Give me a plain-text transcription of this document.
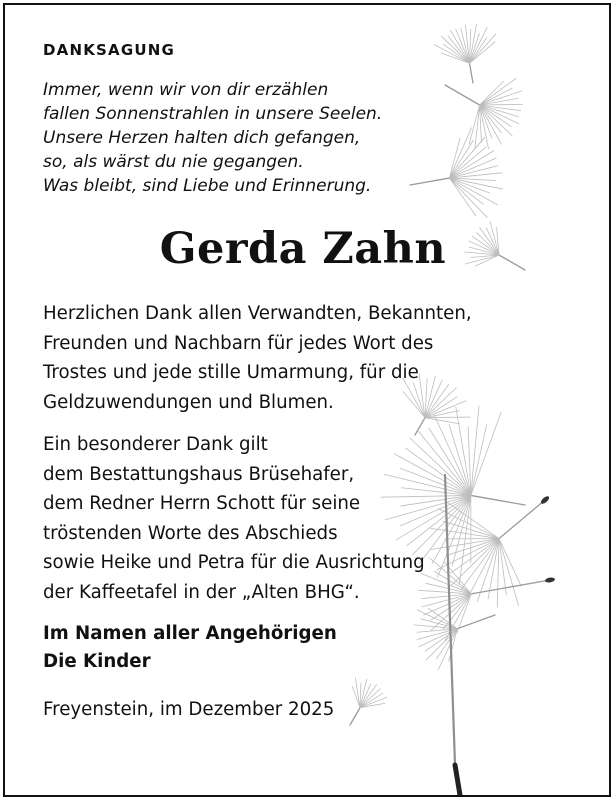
DANKSAGUNG
Immer, wenn wir von dir erzählen
fallen Sonnenstrahlen in unsere Seelen.
Unsere Herzen halten dich gefangen,
so, als wärst du nie gegangen.
Was bleibt, sind Liebe und Erinnerung.
Gerda Zahn
Herzlichen Dank allen Verwandten, Bekannten,
Freunden und Nachbarn für jedes Wort des
Trostes und jede stille Umarmung, für die
Geldzuwendungen und Blumen.
Ein besonderer Dank gilt
dem Bestattungshaus Brüsehafer,
dem Redner Herrn Schott für seine
tröstenden Worte des Abschieds
sowie Heike und Petra für die Ausrichtung
der Kaffeetafel in der „Alten BHG“.
Im Namen aller Angehörigen
Die Kinder
Freyenstein, im Dezember 2025
